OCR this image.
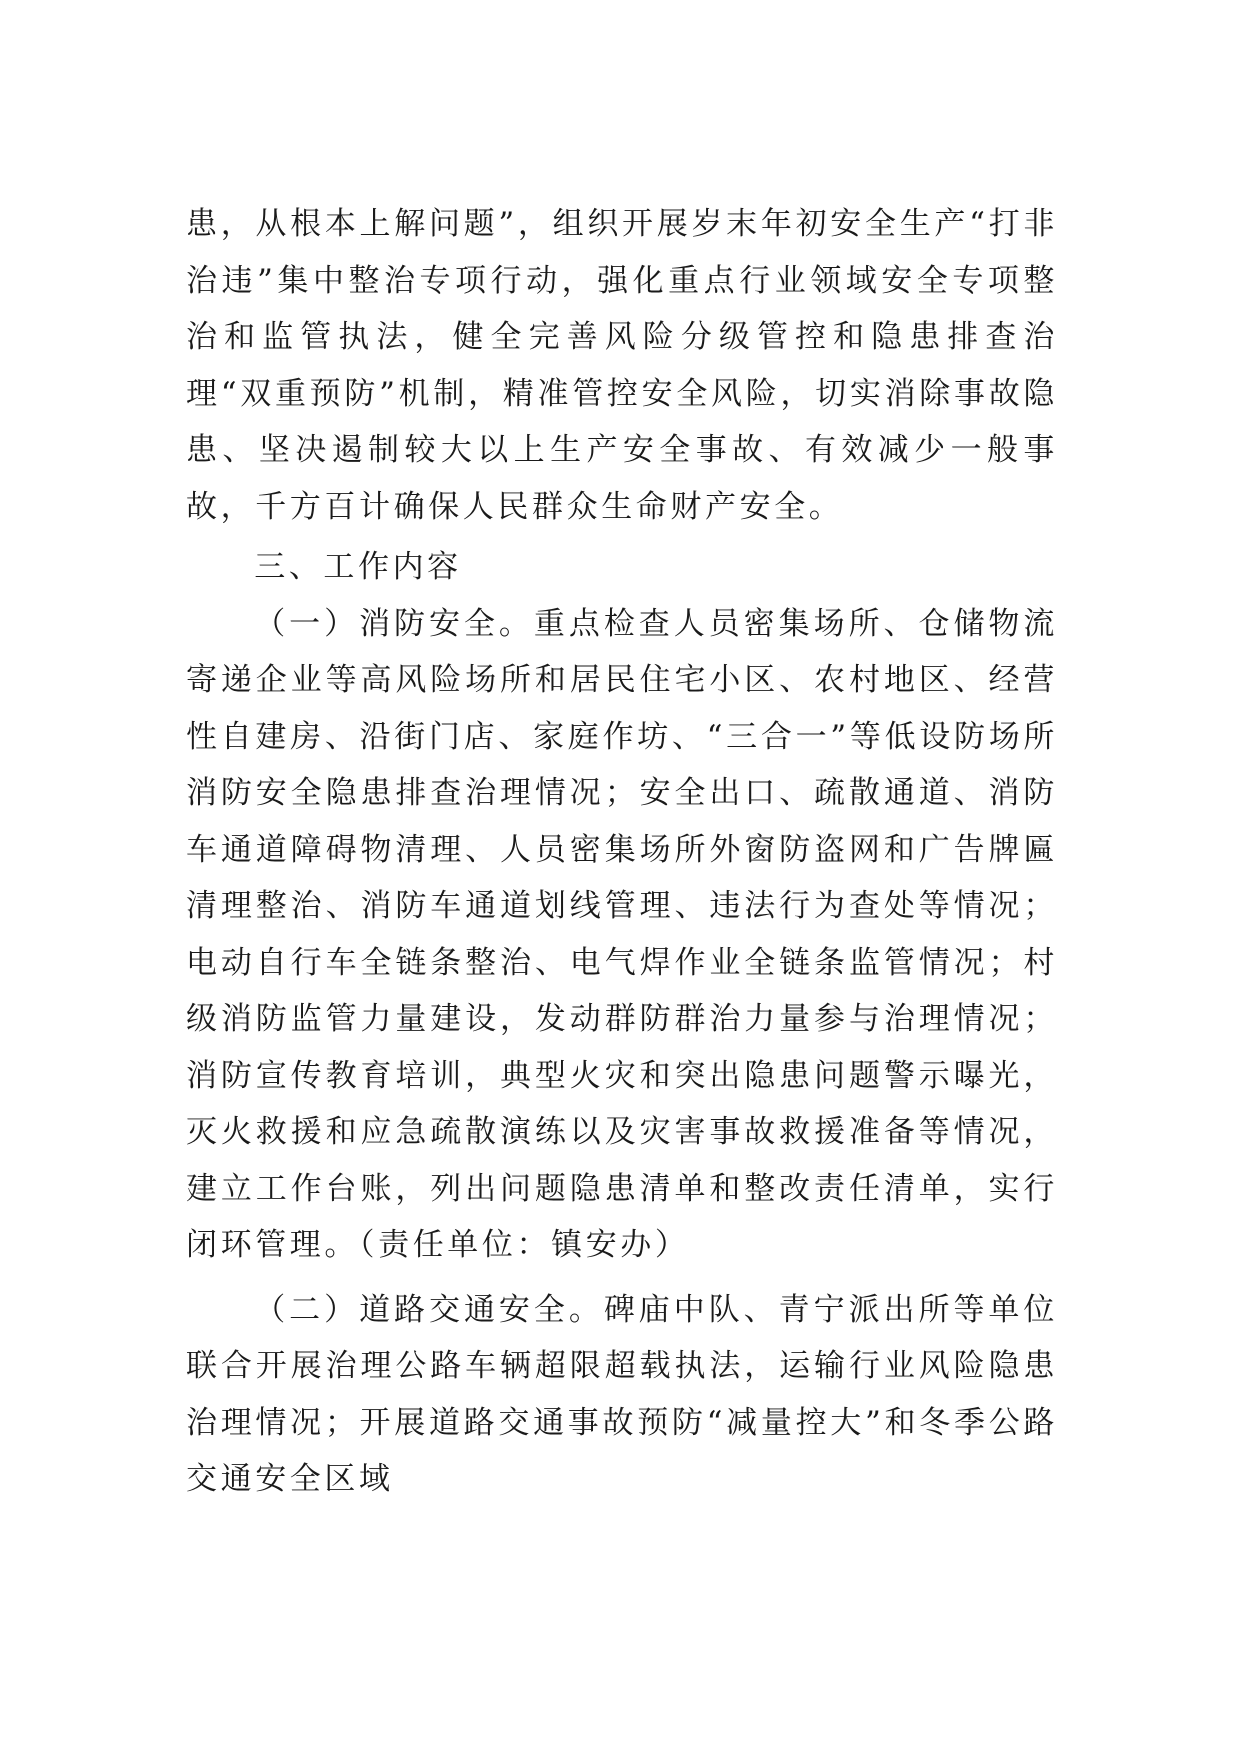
患，从根本上解问题”，组织开展岁末年初安全生产“打非治违”集中整治专项行动，强化重点行业领域安全专项整治和监管执法，健全完善风险分级管控和隐患排查治理“双重预防”机制，精准管控安全风险，切实消除事故隐患、坚决遏制较大以上生产安全事故、有效减少一般事故，千方百计确保人民群众生命财产安全。

三、工作内容

（一）消防安全。重点检查人员密集场所、仓储物流寄递企业等高风险场所和居民住宅小区、农村地区、经营性自建房、沿街门店、家庭作坊、“三合一”等低设防场所消防安全隐患排查治理情况；安全出口、疏散通道、消防车通道障碍物清理、人员密集场所外窗防盗网和广告牌匾清理整治、消防车通道划线管理、违法行为查处等情况；电动自行车全链条整治、电气焊作业全链条监管情况；村级消防监管力量建设，发动群防群治力量参与治理情况；消防宣传教育培训，典型火灾和突出隐患问题警示曝光，灭火救援和应急疏散演练以及灾害事故救援准备等情况，建立工作台账，列出问题隐患清单和整改责任清单，实行闭环管理。（责任单位：镇安办）

（二）道路交通安全。碑庙中队、青宁派出所等单位联合开展治理公路车辆超限超载执法，运输行业风险隐患治理情况；开展道路交通事故预防“减量控大”和冬季公路交通安全区域
